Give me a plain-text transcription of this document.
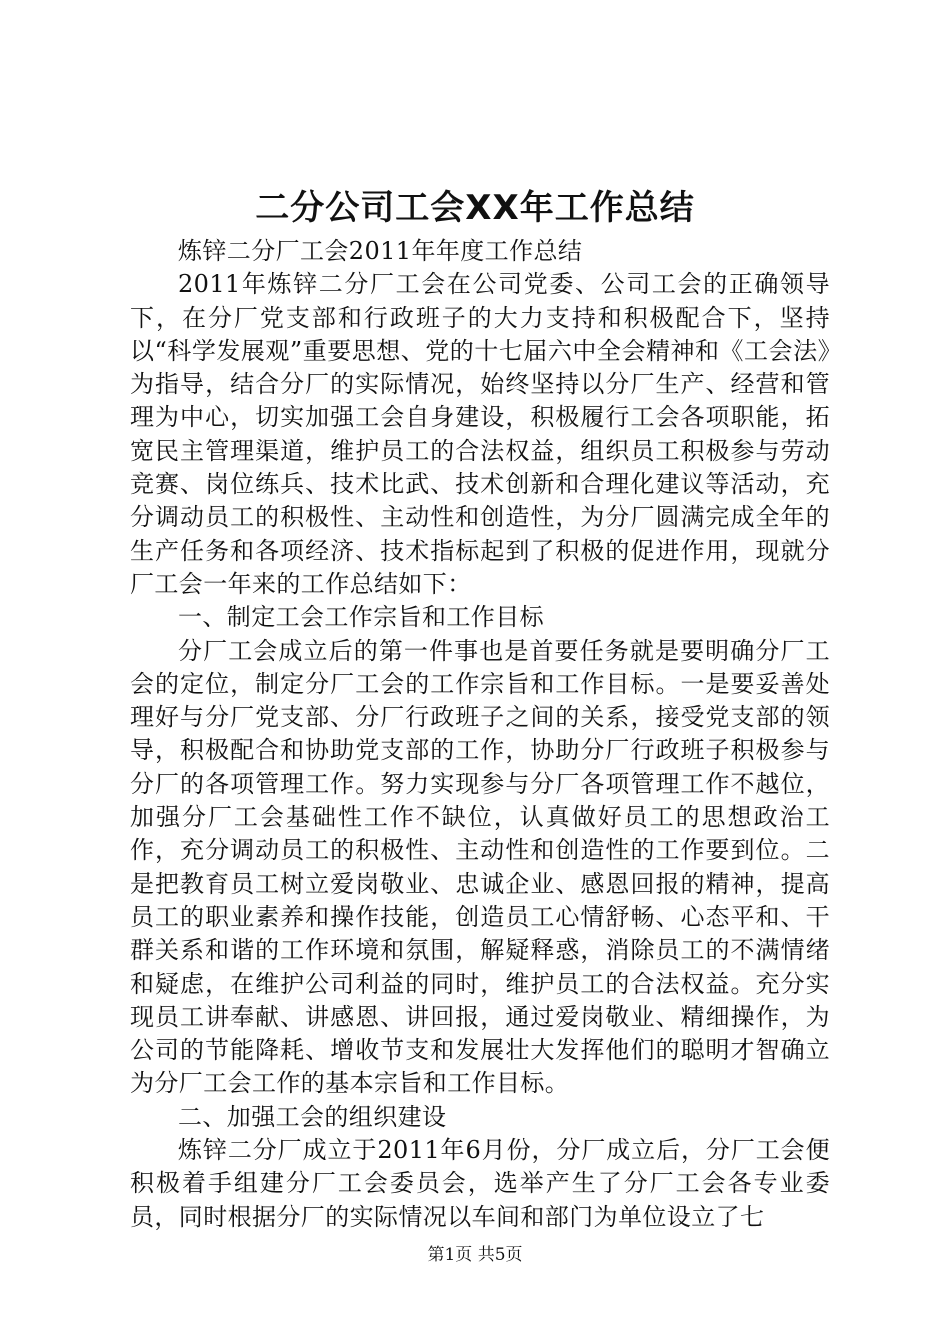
二分公司工会XX年工作总结

炼锌二分厂工会2011年年度工作总结

2011年炼锌二分厂工会在公司党委、公司工会的正确领导下，在分厂党支部和行政班子的大力支持和积极配合下，坚持以“科学发展观”重要思想、党的十七届六中全会精神和《工会法》为指导，结合分厂的实际情况，始终坚持以分厂生产、经营和管理为中心，切实加强工会自身建设，积极履行工会各项职能，拓宽民主管理渠道，维护员工的合法权益，组织员工积极参与劳动竞赛、岗位练兵、技术比武、技术创新和合理化建议等活动，充分调动员工的积极性、主动性和创造性，为分厂圆满完成全年的生产任务和各项经济、技术指标起到了积极的促进作用，现就分厂工会一年来的工作总结如下：

一、制定工会工作宗旨和工作目标

分厂工会成立后的第一件事也是首要任务就是要明确分厂工会的定位，制定分厂工会的工作宗旨和工作目标。一是要妥善处理好与分厂党支部、分厂行政班子之间的关系，接受党支部的领导，积极配合和协助党支部的工作，协助分厂行政班子积极参与分厂的各项管理工作。努力实现参与分厂各项管理工作不越位，加强分厂工会基础性工作不缺位，认真做好员工的思想政治工作，充分调动员工的积极性、主动性和创造性的工作要到位。二是把教育员工树立爱岗敬业、忠诚企业、感恩回报的精神，提高员工的职业素养和操作技能，创造员工心情舒畅、心态平和、干群关系和谐的工作环境和氛围，解疑释惑，消除员工的不满情绪和疑虑，在维护公司利益的同时，维护员工的合法权益。充分实现员工讲奉献、讲感恩、讲回报，通过爱岗敬业、精细操作，为公司的节能降耗、增收节支和发展壮大发挥他们的聪明才智确立为分厂工会工作的基本宗旨和工作目标。

二、加强工会的组织建设

炼锌二分厂成立于2011年6月份，分厂成立后，分厂工会便积极着手组建分厂工会委员会，选举产生了分厂工会各专业委员，同时根据分厂的实际情况以车间和部门为单位设立了七

第1页 共5页
